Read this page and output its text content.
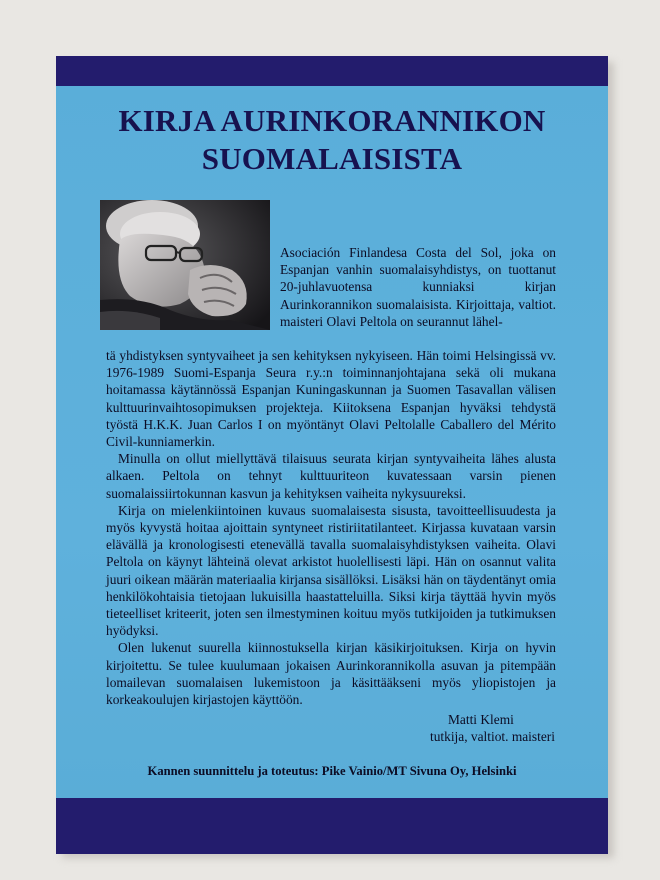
KIRJA AURINKORANNIKON
SUOMALAISISTA

Asociación Finlandesa Costa del Sol, joka on Espanjan vanhin suomalaisyhdistys, on tuottanut 20-juhlavuotensa kunniaksi kirjan Aurinkorannikon suomalaisista. Kirjoittaja, valtiot. maisteri Olavi Peltola on seurannut lähel-

tä yhdistyksen syntyvaiheet ja sen kehityksen nykyiseen. Hän toimi Helsingissä vv. 1976-1989 Suomi-Espanja Seura r.y.:n toiminnanjohtajana sekä oli mukana hoitamassa käytännössä Espanjan Kuningaskunnan ja Suomen Tasavallan välisen kulttuurinvaihtosopimuksen projekteja. Kiitoksena Espanjan hyväksi tehdystä työstä H.K.K. Juan Carlos I on myöntänyt Olavi Peltolalle Caballero del Mérito Civil-kunniamerkin.

Minulla on ollut miellyttävä tilaisuus seurata kirjan syntyvaiheita lähes alusta alkaen. Peltola on tehnyt kulttuuriteon kuvatessaan varsin pienen suomalaissiirtokunnan kasvun ja kehityksen vaiheita nykysuureksi.

Kirja on mielenkiintoinen kuvaus suomalaisesta sisusta, tavoitteellisuudesta ja myös kyvystä hoitaa ajoittain syntyneet ristiriitatilanteet. Kirjassa kuvataan varsin elävällä ja kronologisesti etenevällä tavalla suomalaisyhdistyksen vaiheita. Olavi Peltola on käynyt lähteinä olevat arkistot huolellisesti läpi. Hän on osannut valita juuri oikean määrän materiaalia kirjansa sisällöksi. Lisäksi hän on täydentänyt omia henkilökohtaisia tietojaan lukuisilla haastatteluilla. Siksi kirja täyttää hyvin myös tieteelliset kriteerit, joten sen ilmestyminen koituu myös tutkijoiden ja tutkimuksen hyödyksi.

Olen lukenut suurella kiinnostuksella kirjan käsikirjoituksen. Kirja on hyvin kirjoitettu. Se tulee kuulumaan jokaisen Aurinkorannikolla asuvan ja pitempään lomailevan suomalaisen lukemistoon ja käsittääkseni myös yliopistojen ja korkeakoulujen kirjastojen käyttöön.

Matti Klemi
tutkija, valtiot. maisteri
Kannen suunnittelu ja toteutus: Pike Vainio/MT Sivuna Oy, Helsinki
